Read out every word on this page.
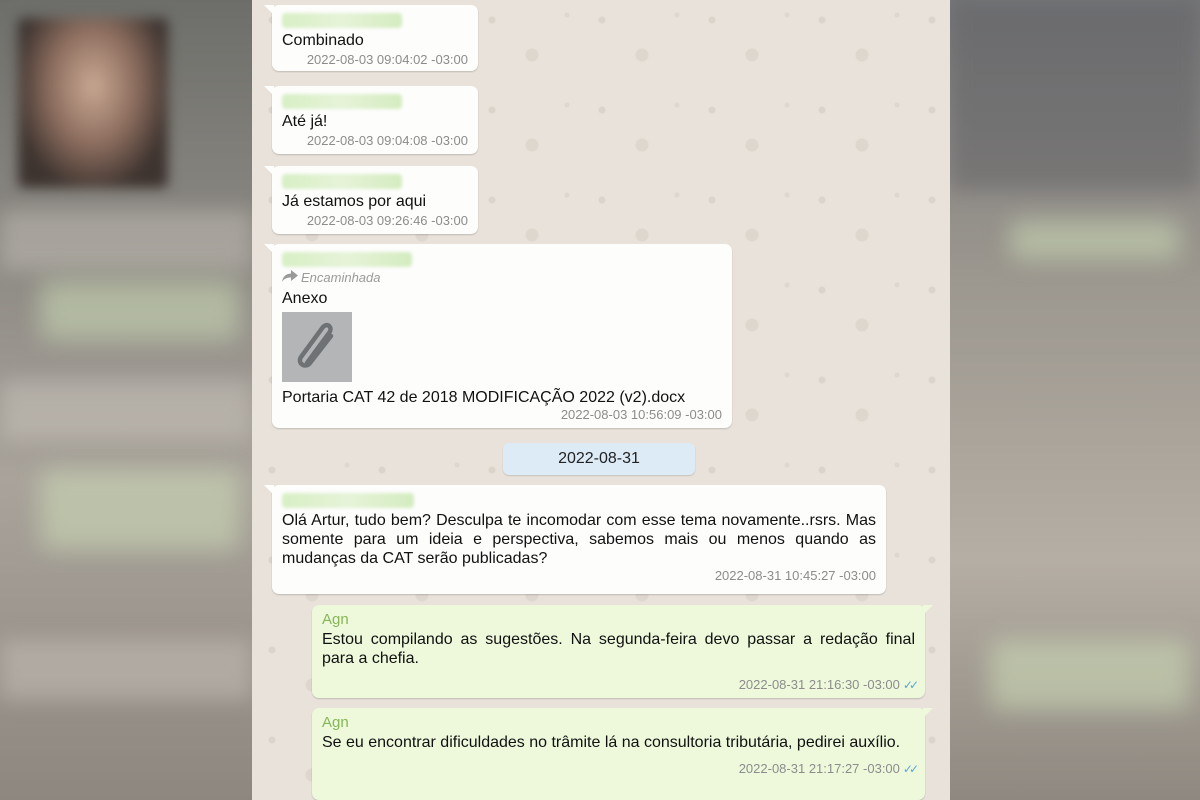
Combinado
2022-08-03 09:04:02 -03:00
Até já!
2022-08-03 09:04:08 -03:00
Já estamos por aqui
2022-08-03 09:26:46 -03:00
Encaminhada
Anexo
Portaria CAT 42 de 2018 MODIFICAÇÃO 2022 (v2).docx
2022-08-03 10:56:09 -03:00
2022-08-31
Olá Artur, tudo bem? Desculpa te incomodar com esse tema novamente..rsrs. Mas somente para um ideia e perspectiva, sabemos mais ou menos quando as mudanças da CAT serão publicadas?
2022-08-31 10:45:27 -03:00
Agn
Estou compilando as sugestões. Na segunda-feira devo passar a redação final para a chefia.
2022-08-31 21:16:30 -03:00 ✓✓
Agn
Se eu encontrar dificuldades no trâmite lá na consultoria tributária, pedirei auxílio.
2022-08-31 21:17:27 -03:00 ✓✓
